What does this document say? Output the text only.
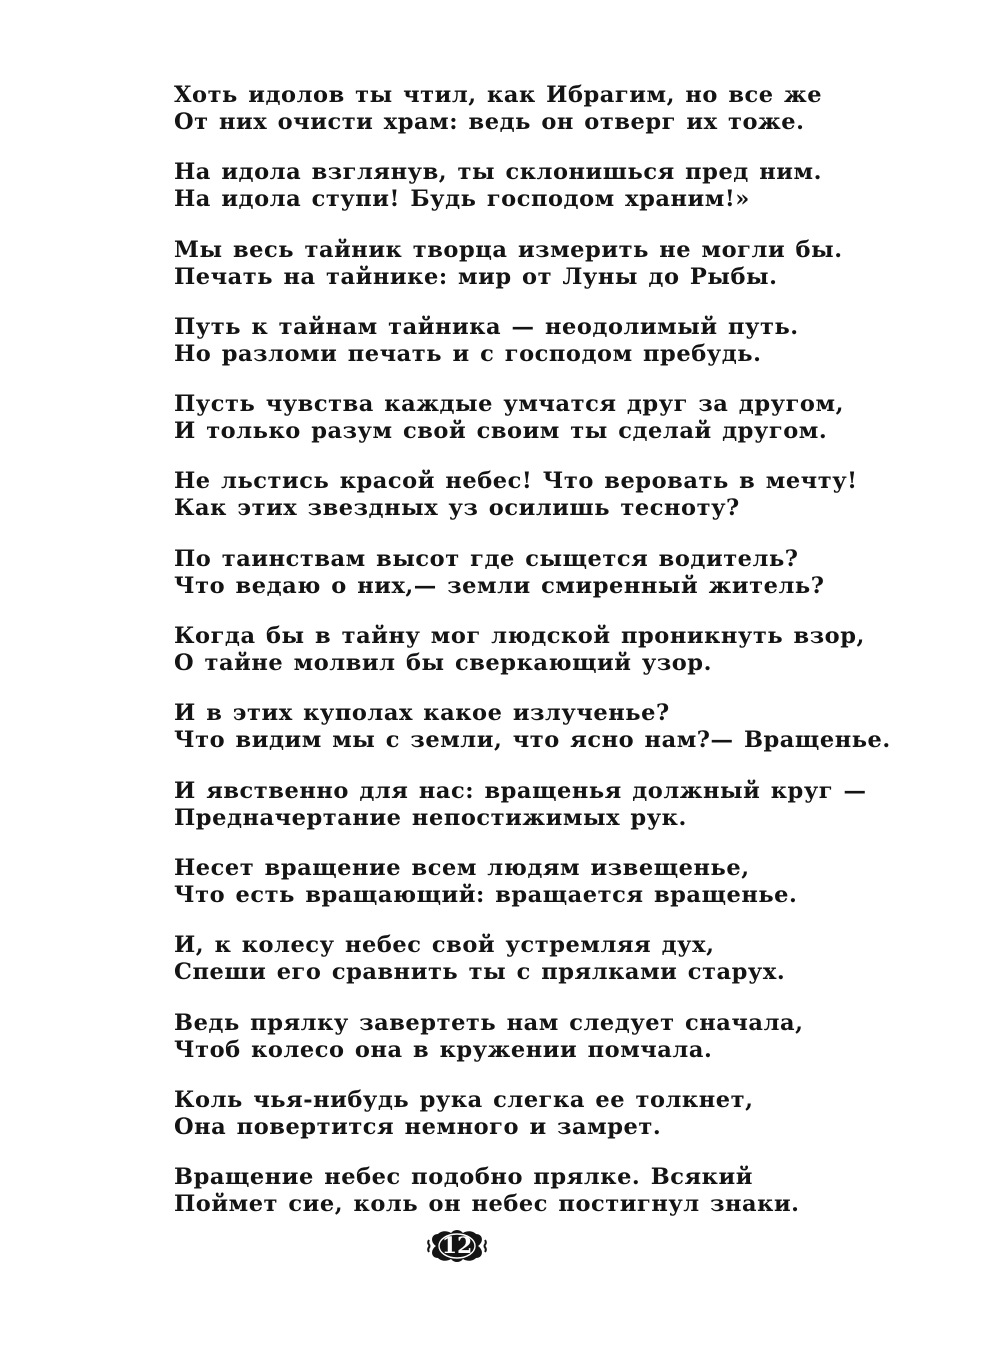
Хоть идолов ты чтил, как Ибрагим, но все же
От них очисти храм: ведь он отверг их тоже.
На идола взглянув, ты склонишься пред ним.
На идола ступи! Будь господом храним!»
Мы весь тайник творца измерить не могли бы.
Печать на тайнике: мир от Луны до Рыбы.
Путь к тайнам тайника — неодолимый путь.
Но разломи печать и с господом пребудь.
Пусть чувства каждые умчатся друг за другом,
И только разум свой своим ты сделай другом.
Не льстись красой небес! Что веровать в мечту!
Как этих звездных уз осилишь тесноту?
По таинствам высот где сыщется водитель?
Что ведаю о них,— земли смиренный житель?
Когда бы в тайну мог людской проникнуть взор,
О тайне молвил бы сверкающий узор.
И в этих куполах какое излученье?
Что видим мы с земли, что ясно нам?— Вращенье.
И явственно для нас: вращенья должный круг —
Предначертание непостижимых рук.
Несет вращение всем людям извещенье,
Что есть вращающий: вращается вращенье.
И, к колесу небес свой устремляя дух,
Спеши его сравнить ты с прялками старух.
Ведь прялку завертеть нам следует сначала,
Чтоб колесо она в кружении помчала.
Коль чья-нибудь рука слегка ее толкнет,
Она повертится немного и замрет.
Вращение небес подобно прялке. Всякий
Поймет сие, коль он небес постигнул знаки.
12
